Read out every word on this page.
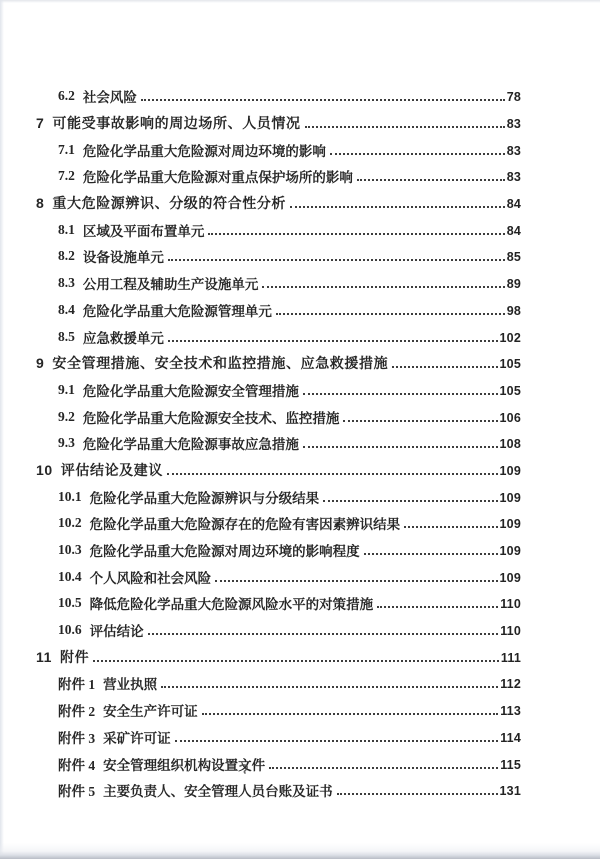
6.2 社会风险	78
7 可能受事故影响的周边场所、人员情况	83
7.1 危险化学品重大危险源对周边环境的影响	83
7.2 危险化学品重大危险源对重点保护场所的影响	83
8 重大危险源辨识、分级的符合性分析	84
8.1 区域及平面布置单元	84
8.2 设备设施单元	85
8.3 公用工程及辅助生产设施单元	89
8.4 危险化学品重大危险源管理单元	98
8.5 应急救援单元	102
9 安全管理措施、安全技术和监控措施、应急救援措施	105
9.1 危险化学品重大危险源安全管理措施	105
9.2 危险化学品重大危险源安全技术、监控措施	106
9.3 危险化学品重大危险源事故应急措施	108
10 评估结论及建议	109
10.1 危险化学品重大危险源辨识与分级结果	109
10.2 危险化学品重大危险源存在的危险有害因素辨识结果	109
10.3 危险化学品重大危险源对周边环境的影响程度	109
10.4 个人风险和社会风险	109
10.5 降低危险化学品重大危险源风险水平的对策措施	110
10.6 评估结论	110
11 附件	111
附件 1 营业执照	112
附件 2 安全生产许可证	113
附件 3 采矿许可证	114
附件 4 安全管理组织机构设置文件	115
附件 5 主要负责人、安全管理人员台账及证书	131
